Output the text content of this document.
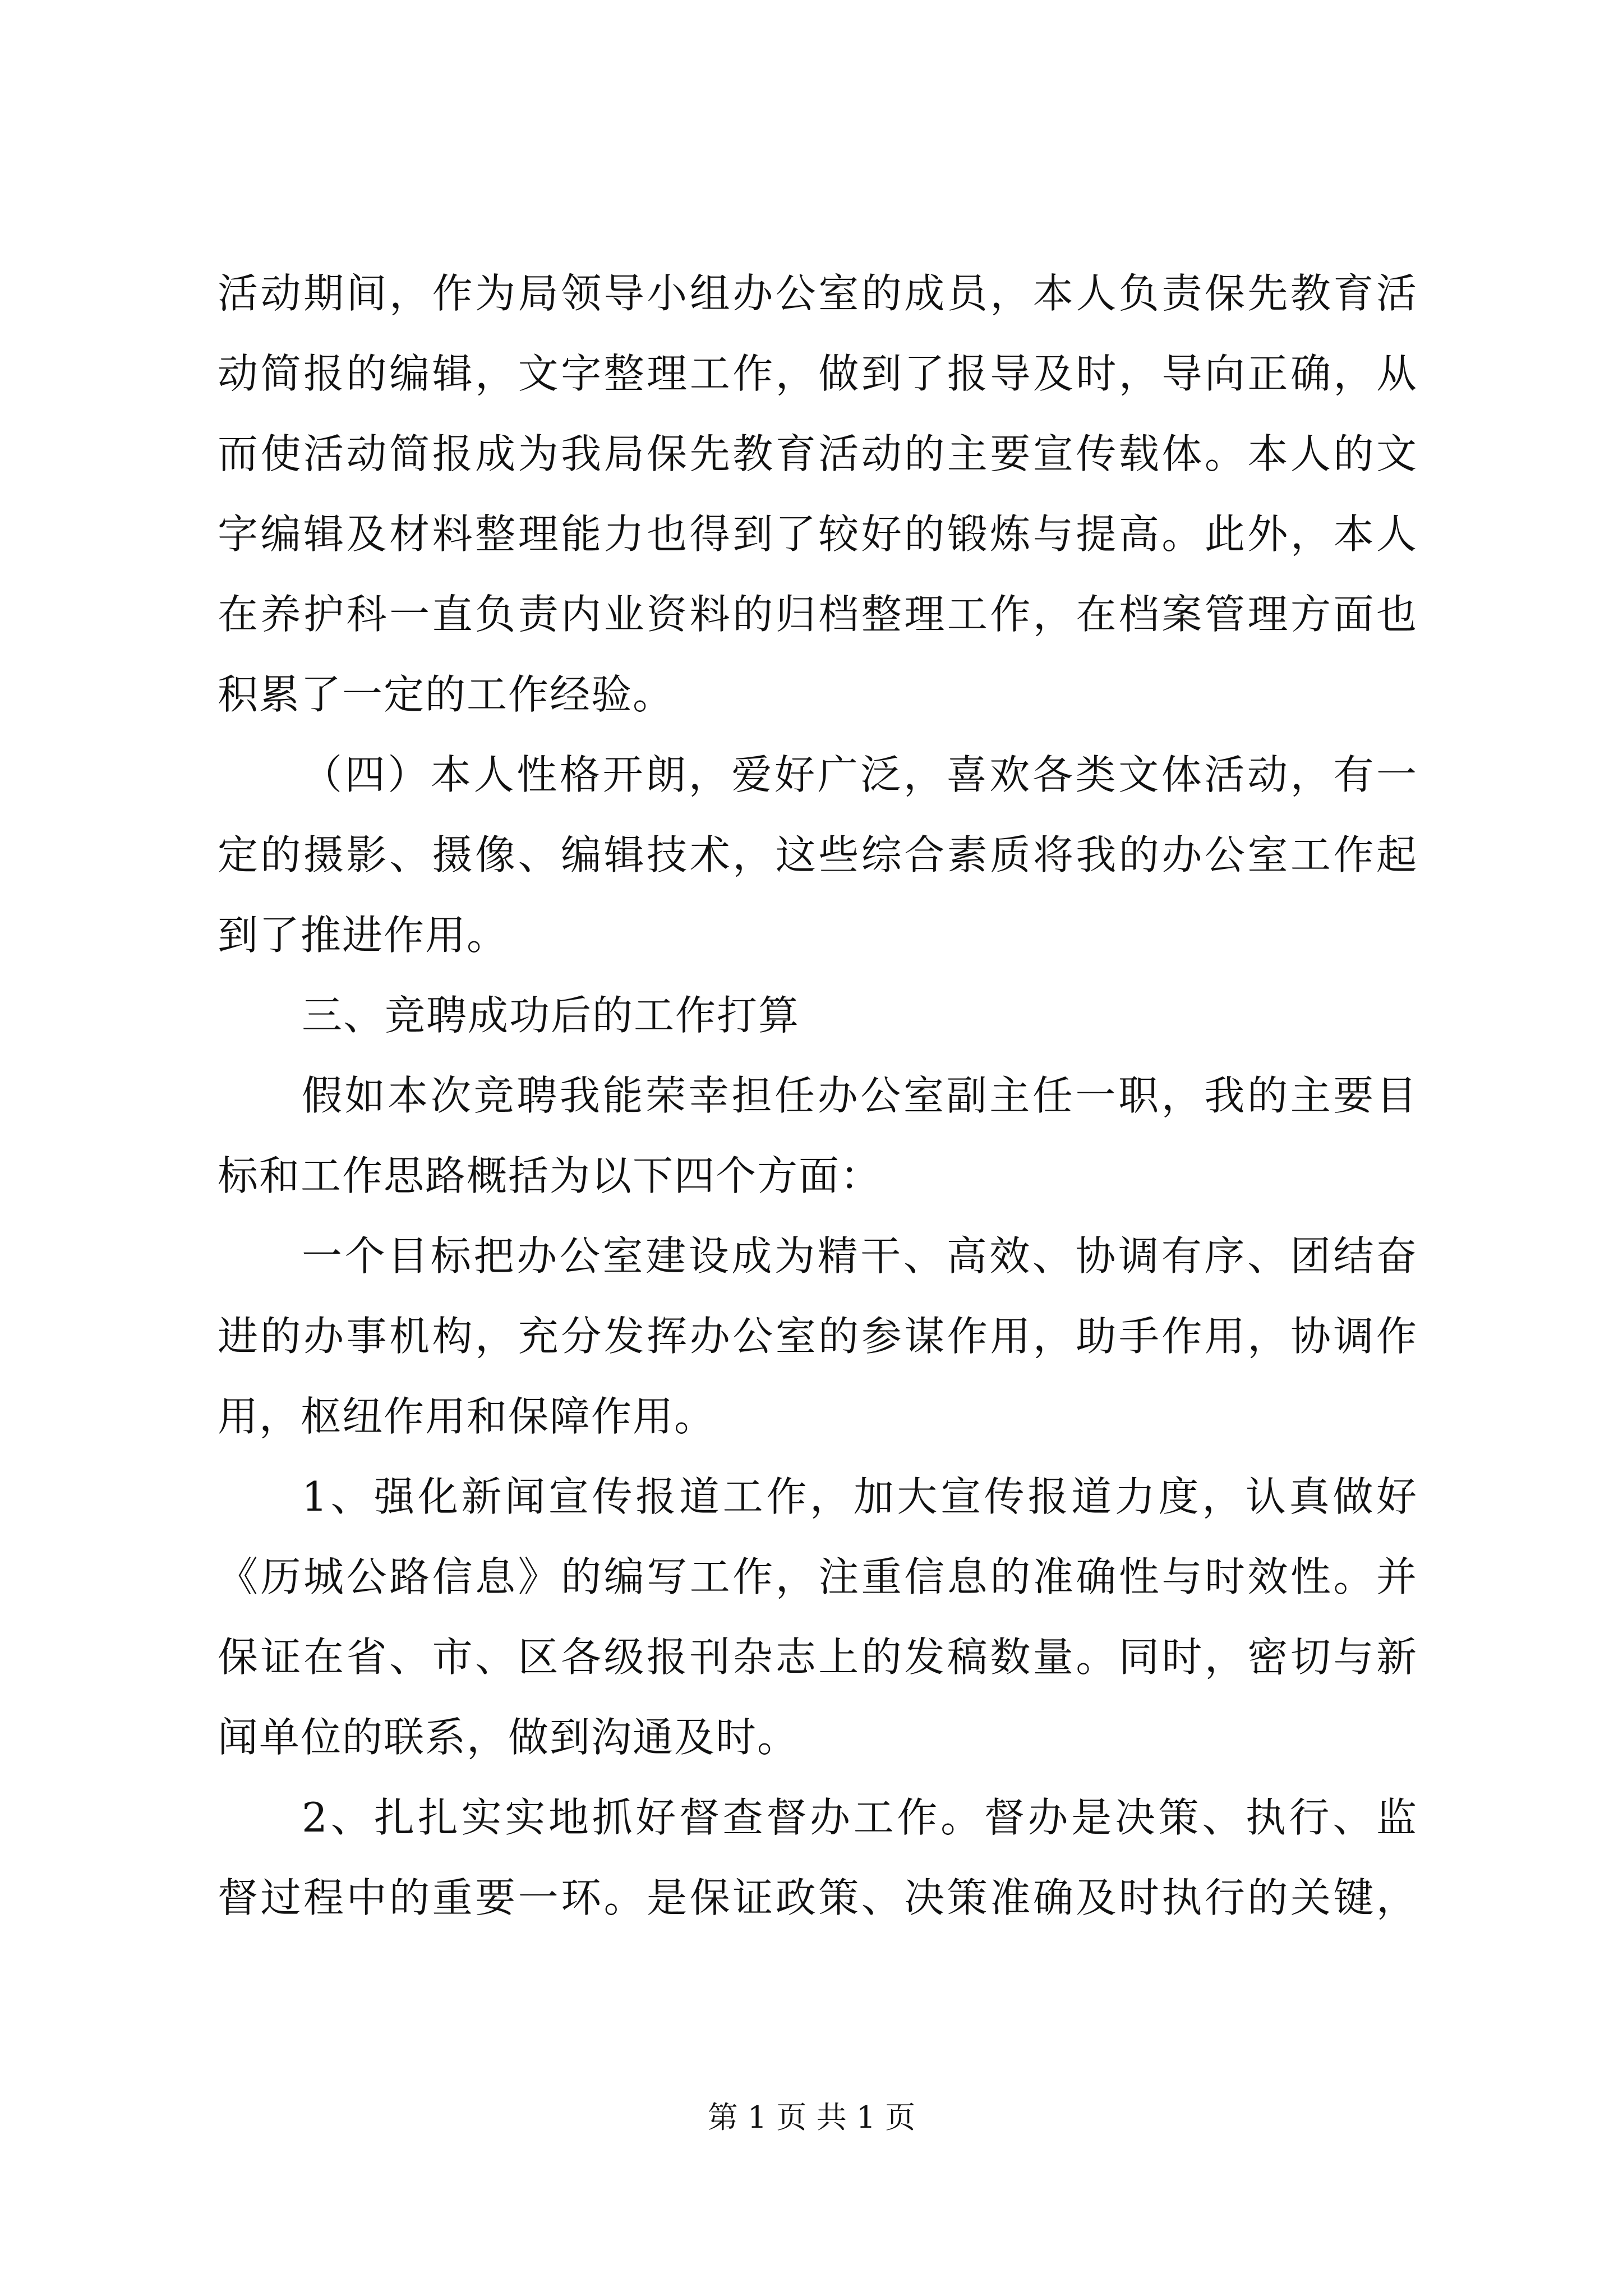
活动期间，作为局领导小组办公室的成员，本人负责保先教育活
动简报的编辑，文字整理工作，做到了报导及时，导向正确，从
而使活动简报成为我局保先教育活动的主要宣传载体。本人的文
字编辑及材料整理能力也得到了较好的锻炼与提高。此外，本人
在养护科一直负责内业资料的归档整理工作，在档案管理方面也
积累了一定的工作经验。
（四）本人性格开朗，爱好广泛，喜欢各类文体活动，有一
定的摄影、摄像、编辑技术，这些综合素质将我的办公室工作起
到了推进作用。
三、竞聘成功后的工作打算
假如本次竞聘我能荣幸担任办公室副主任一职，我的主要目
标和工作思路概括为以下四个方面：
一个目标把办公室建设成为精干、高效、协调有序、团结奋
进的办事机构，充分发挥办公室的参谋作用，助手作用，协调作
用，枢纽作用和保障作用。
1、强化新闻宣传报道工作，加大宣传报道力度，认真做好
《历城公路信息》的编写工作，注重信息的准确性与时效性。并
保证在省、市、区各级报刊杂志上的发稿数量。同时，密切与新
闻单位的联系，做到沟通及时。
2、扎扎实实地抓好督查督办工作。督办是决策、执行、监
督过程中的重要一环。是保证政策、决策准确及时执行的关键，
第 1 页 共 1 页
